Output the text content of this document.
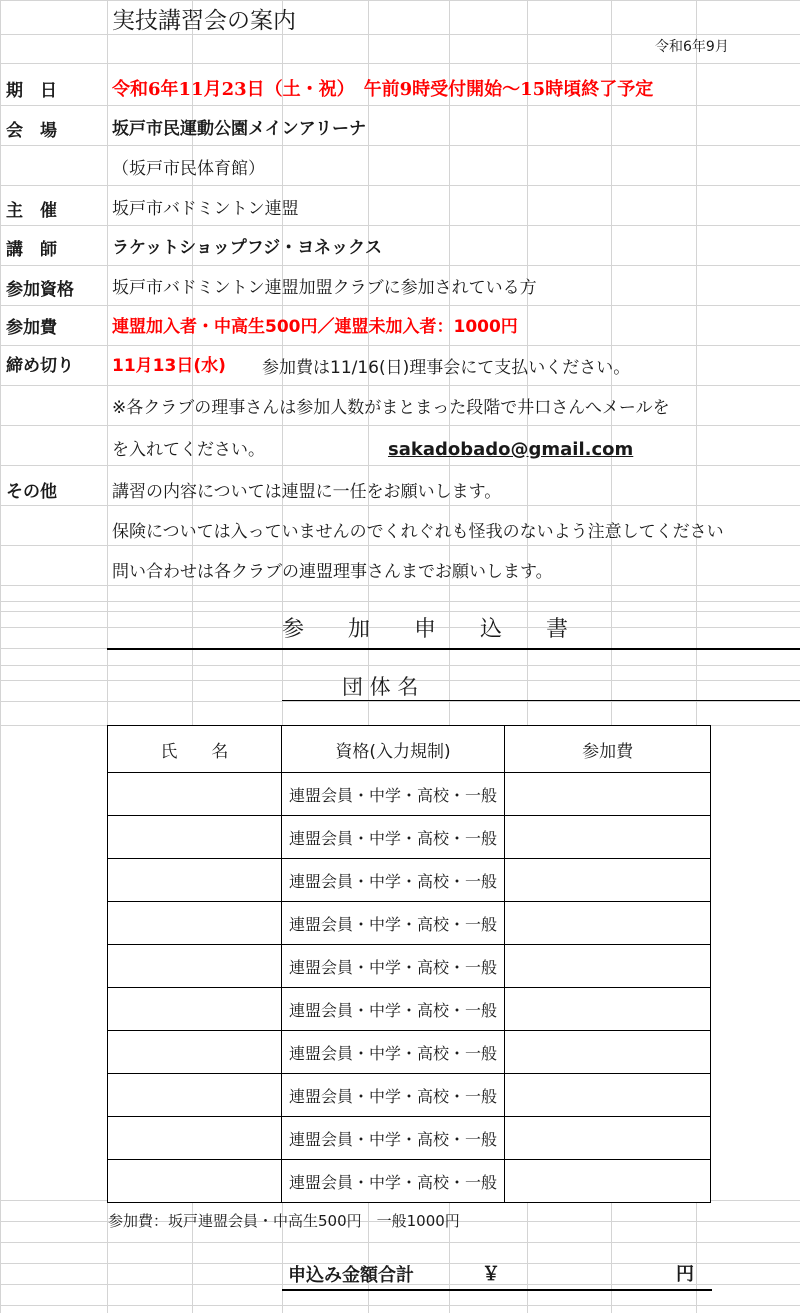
実技講習会の案内
令和6年9月
期　日	令和6年11月23日（土・祝）　午前9時受付開始～15時頃終了予定
会　場	坂戸市民運動公園メインアリーナ
（坂戸市民体育館）
主　催	坂戸市バドミントン連盟
講　師	ラケットショップフジ・ヨネックス
参加資格 坂戸市バドミントン連盟加盟クラブに参加されている方
参加費	連盟加入者・中高生500円／連盟未加入者：1000円
締め切り 11月13日(水) 参加費は11/16(日)理事会にて支払いください。
※各クラブの理事さんは参加人数がまとまった段階で井口さんへメールを
を入れてください。	sakadobado@gmail.com
その他	講習の内容については連盟に一任をお願いします。
保険については入っていませんのでくれぐれも怪我のないよう注意してください
問い合わせは各クラブの連盟理事さんまでお願いします。
参　　加　　申　　込　　書
団 体 名
氏　　名	資格(入力規制)	参加費
	連盟会員・中学・高校・一般	
	連盟会員・中学・高校・一般	
	連盟会員・中学・高校・一般	
	連盟会員・中学・高校・一般	
	連盟会員・中学・高校・一般	
	連盟会員・中学・高校・一般	
	連盟会員・中学・高校・一般	
	連盟会員・中学・高校・一般	
	連盟会員・中学・高校・一般	
	連盟会員・中学・高校・一般	
参加費：坂戸連盟会員・中高生500円　一般1000円
申込み金額合計	￥	円
